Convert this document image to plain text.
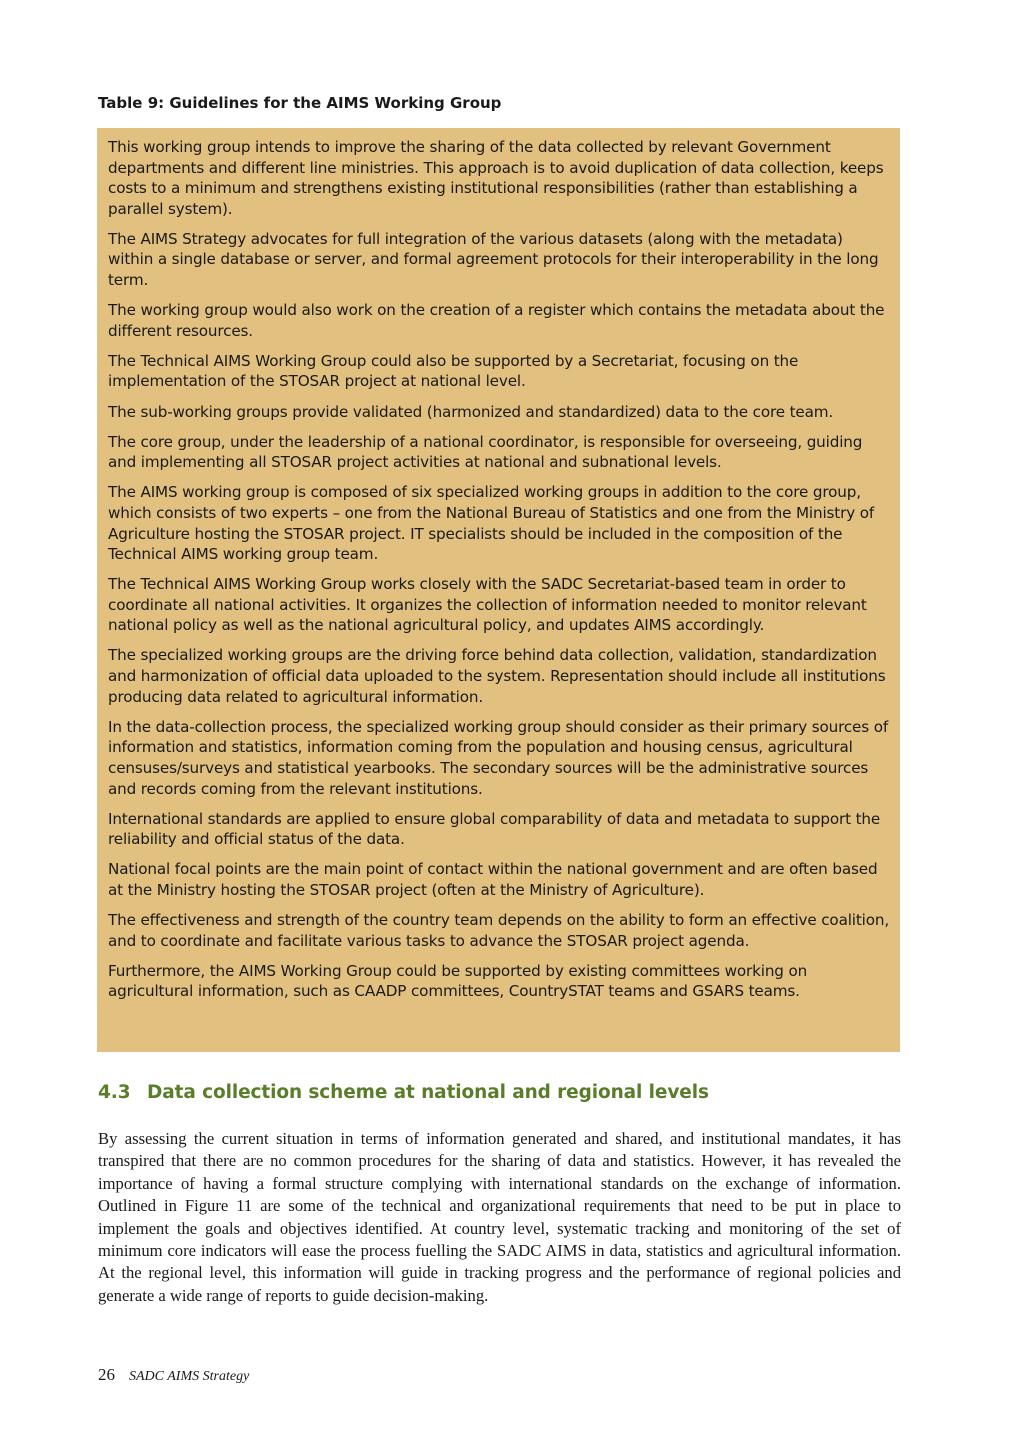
Table 9: Guidelines for the AIMS Working Group

This working group intends to improve the sharing of the data collected by relevant Government departments and different line ministries. This approach is to avoid duplication of data collection, keeps costs to a minimum and strengthens existing institutional responsibilities (rather than establishing a parallel system).

The AIMS Strategy advocates for full integration of the various datasets (along with the metadata) within a single database or server, and formal agreement protocols for their interoperability in the long term.

The working group would also work on the creation of a register which contains the metadata about the different resources.

The Technical AIMS Working Group could also be supported by a Secretariat, focusing on the implementation of the STOSAR project at national level.

The sub-working groups provide validated (harmonized and standardized) data to the core team.

The core group, under the leadership of a national coordinator, is responsible for overseeing, guiding and implementing all STOSAR project activities at national and subnational levels.

The AIMS working group is composed of six specialized working groups in addition to the core group, which consists of two experts – one from the National Bureau of Statistics and one from the Ministry of Agriculture hosting the STOSAR project. IT specialists should be included in the composition of the Technical AIMS working group team.

The Technical AIMS Working Group works closely with the SADC Secretariat-based team in order to coordinate all national activities. It organizes the collection of information needed to monitor relevant national policy as well as the national agricultural policy, and updates AIMS accordingly.

The specialized working groups are the driving force behind data collection, validation, standardization and harmonization of official data uploaded to the system. Representation should include all institutions producing data related to agricultural information.

In the data-collection process, the specialized working group should consider as their primary sources of information and statistics, information coming from the population and housing census, agricultural censuses/surveys and statistical yearbooks. The secondary sources will be the administrative sources and records coming from the relevant institutions.

International standards are applied to ensure global comparability of data and metadata to support the reliability and official status of the data.

National focal points are the main point of contact within the national government and are often based at the Ministry hosting the STOSAR project (often at the Ministry of Agriculture).

The effectiveness and strength of the country team depends on the ability to form an effective coalition, and to coordinate and facilitate various tasks to advance the STOSAR project agenda.

Furthermore, the AIMS Working Group could be supported by existing committees working on agricultural information, such as CAADP committees, CountrySTAT teams and GSARS teams.

4.3 Data collection scheme at national and regional levels

By assessing the current situation in terms of information generated and shared, and institutional mandates, it has transpired that there are no common procedures for the sharing of data and statistics. However, it has revealed the importance of having a formal structure complying with international standards on the exchange of information. Outlined in Figure 11 are some of the technical and organizational requirements that need to be put in place to implement the goals and objectives identified. At country level, systematic tracking and monitoring of the set of minimum core indicators will ease the process fuelling the SADC AIMS in data, statistics and agricultural information. At the regional level, this information will guide in tracking progress and the performance of regional policies and generate a wide range of reports to guide decision-making.

26 SADC AIMS Strategy
